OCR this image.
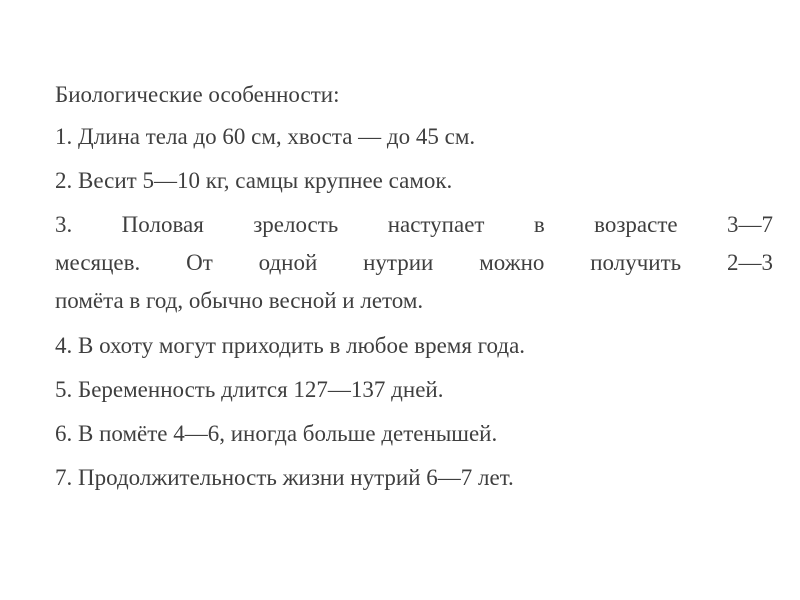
Биологические особенности:
1. Длина тела до 60 см, хвоста — до 45 см.
2. Весит 5—10 кг, самцы крупнее самок.
3. Половая зрелость наступает в возрасте 3—7
месяцев. От одной нутрии можно получить 2—3
помёта в год, обычно весной и летом.
4. В охоту могут приходить в любое время года.
5. Беременность длится 127—137 дней.
6. В помёте 4—6, иногда больше детенышей.
7. Продолжительность жизни нутрий 6—7 лет.
